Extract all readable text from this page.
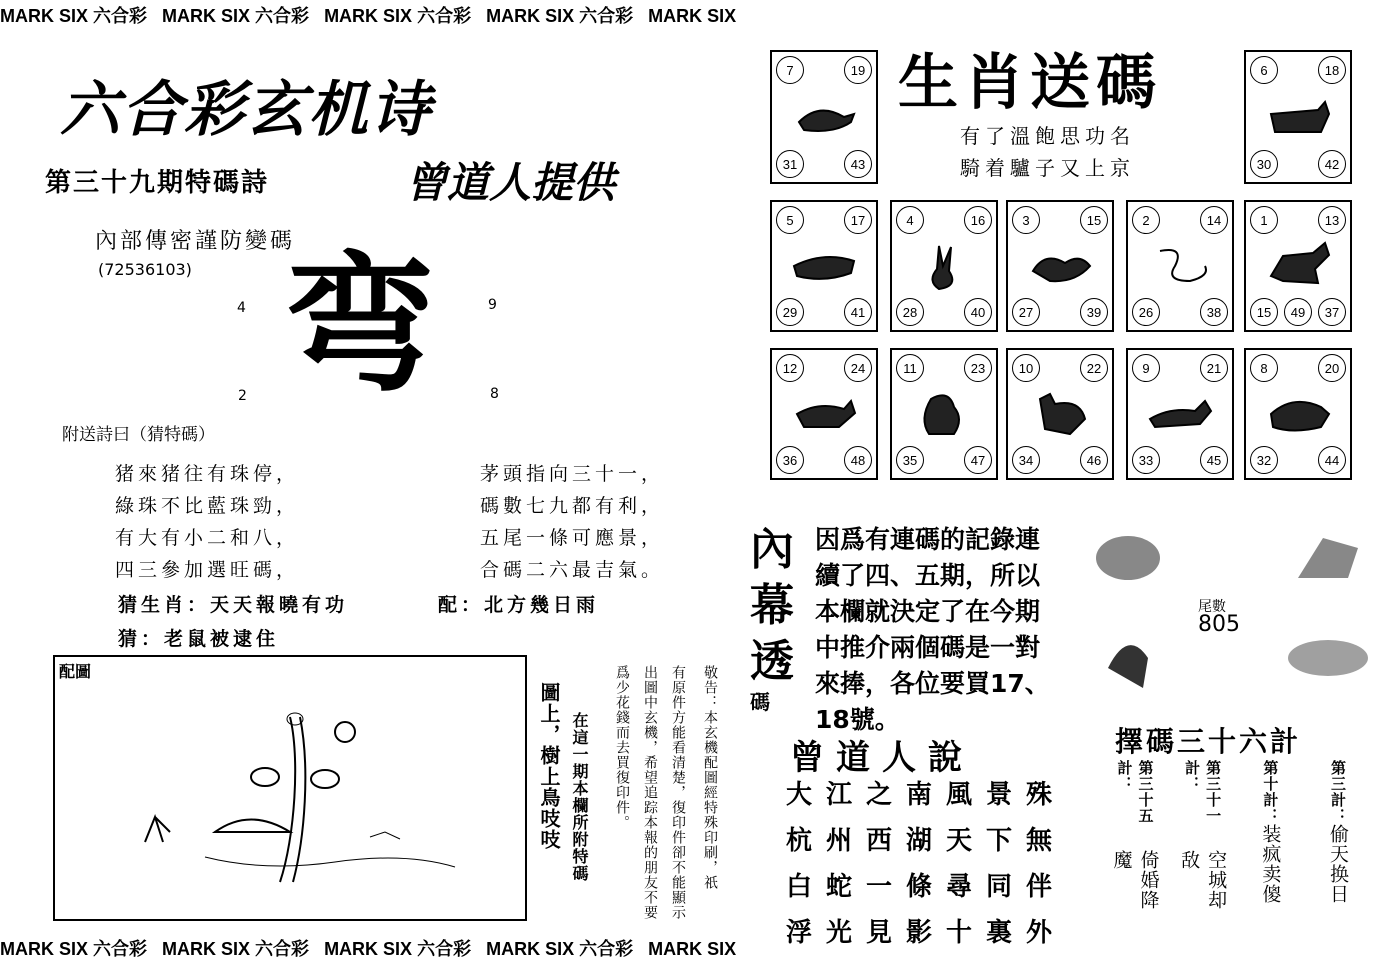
MARK SIX 六合彩 MARK SIX 六合彩 MARK SIX 六合彩 MARK SIX 六合彩 MARK SIX
六合彩玄机诗
第三十九期特碼詩	曾道人提供
內部傳密謹防變碼
(72536103)
4	9
2	8
弯
附送詩曰（猜特碼）
猪來猪往有珠停，
綠珠不比藍珠勁，
有大有小二和八，
四三參加選旺碼，
茅頭指向三十一，
碼數七九都有利，
五尾一條可應景，
合碼二六最吉氣。
猜生肖：天天報曉有功	配：北方幾日雨
猜：老鼠被逮住
配圖
在這一期本欄所附特碼
圖上，樹上鳥吱吱	敬告：本玄機配圖經特殊印刷，祇
有原件方能看清楚，復印件卻不能顯示
出圖中玄機，希望追踪本報的朋友不要
爲少花錢而去買復印件。
生肖送碼
有了溫飽思功名
騎着驢子又上京
7	19
31	43
6	18
30	42
5	17
29	41
4	16
28	40
3	15
27	39
2	14
26	38
1	13
15	49	37
12	24
36	48
11	23
35	47
10	22
34	46
9	21
33	45
8	20
32	44
內
幕
透
碼
因爲有連碼的記錄連
續了四、五期，所以
本欄就決定了在今期
中推介兩個碼是一對
來捧，各位要買17、
18號。
尾數
805
曾道人說
大江之南風景殊
杭州西湖天下無
白蛇一條尋同伴
浮光見影十裏外
擇碼三十六計
第三十五計：
倚婚降魔
第三十一計：
空城却敌
第十計：
装疯卖傻
第三計：
偷天换日
MARK SIX 六合彩 MARK SIX 六合彩 MARK SIX 六合彩 MARK SIX 六合彩 MARK SIX
